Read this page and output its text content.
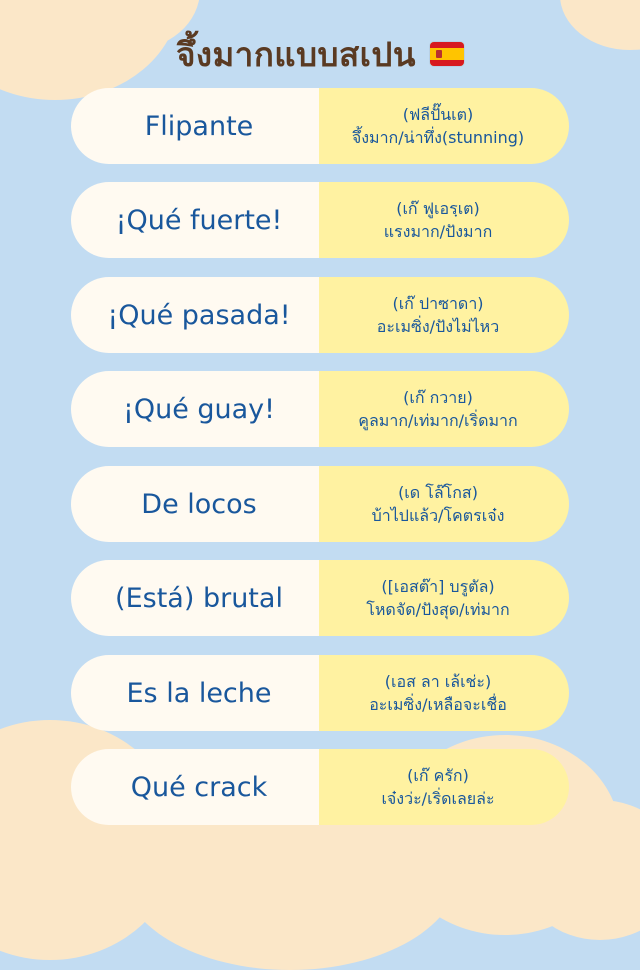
จึ้งมากแบบสเปน
Flipante	(ฟลีปั๊นเต)
จึ้งมาก/น่าทึ่ง(stunning)
¡Qué fuerte!	(เก๊ ฟูเอรฺเต)
แรงมาก/ปังมาก
¡Qué pasada!	(เก๊ ปาซาดา)
อะเมซิ่ง/ปังไม่ไหว
¡Qué guay!	(เก๊ กวาย)
คูลมาก/เท่มาก/เริ่ดมาก
De locos	(เด โล๊โกส)
บ้าไปแล้ว/โคตรเจ๋ง
(Está) brutal	([เอสต๊า] บรูตัล)
โหดจัด/ปังสุด/เท่มาก
Es la leche	(เอส ลา เล้เช่ะ)
อะเมซิ่ง/เหลือจะเชื่อ
Qué crack	(เก๊ ครัก)
เจ๋งว่ะ/เริ่ดเลยล่ะ
